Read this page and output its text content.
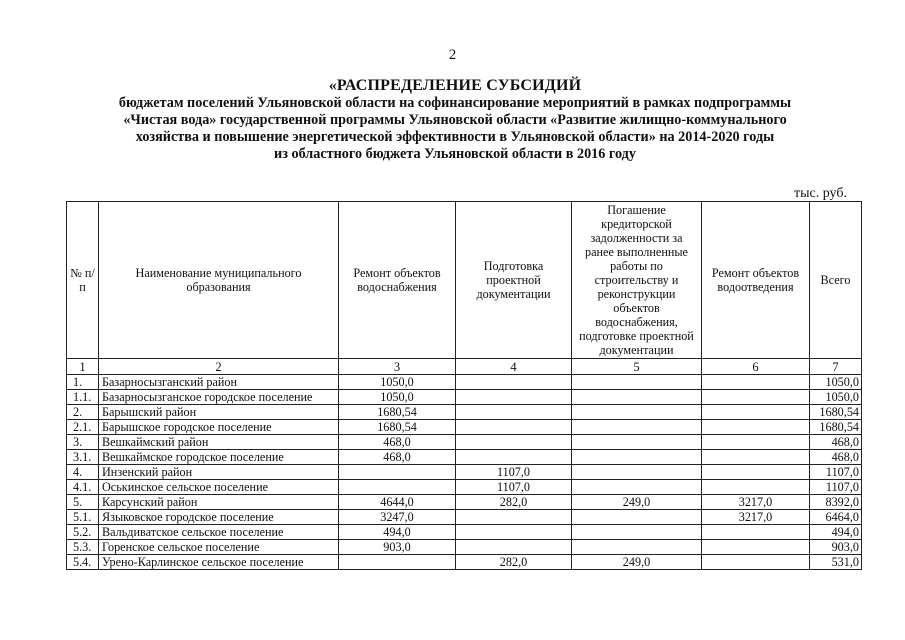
2
«РАСПРЕДЕЛЕНИЕ СУБСИДИЙ
бюджетам поселений Ульяновской области на софинансирование мероприятий в рамках подпрограммы
«Чистая вода» государственной программы Ульяновской области «Развитие жилищно-коммунального
хозяйства и повышение энергетической эффективности в Ульяновской области» на 2014-2020 годы
из областного бюджета Ульяновской области в 2016 году
тыс. руб.
№ п/п	Наименование муниципального образования	Ремонт объектов водоснабжения	Подготовка проектной документации	Погашение кредиторской задолженности за ранее выполненные работы по строительству и реконструкции объектов водоснабжения, подготовке проектной документации	Ремонт объектов водоотведения	Всего
1	2	3	4	5	6	7
1.	Базарносызганский район	1050,0				1050,0
1.1.	Базарносызганское городское поселение	1050,0				1050,0
2.	Барышский район	1680,54				1680,54
2.1.	Барышское городское поселение	1680,54				1680,54
3.	Вешкаймский район	468,0				468,0
3.1.	Вешкаймское городское поселение	468,0				468,0
4.	Инзенский район		1107,0			1107,0
4.1.	Оськинское сельское поселение		1107,0			1107,0
5.	Карсунский район	4644,0	282,0	249,0	3217,0	8392,0
5.1.	Языковское городское поселение	3247,0			3217,0	6464,0
5.2.	Вальдиватское сельское поселение	494,0				494,0
5.3.	Горенское сельское поселение	903,0				903,0
5.4.	Урено-Карлинское сельское поселение		282,0	249,0		531,0
